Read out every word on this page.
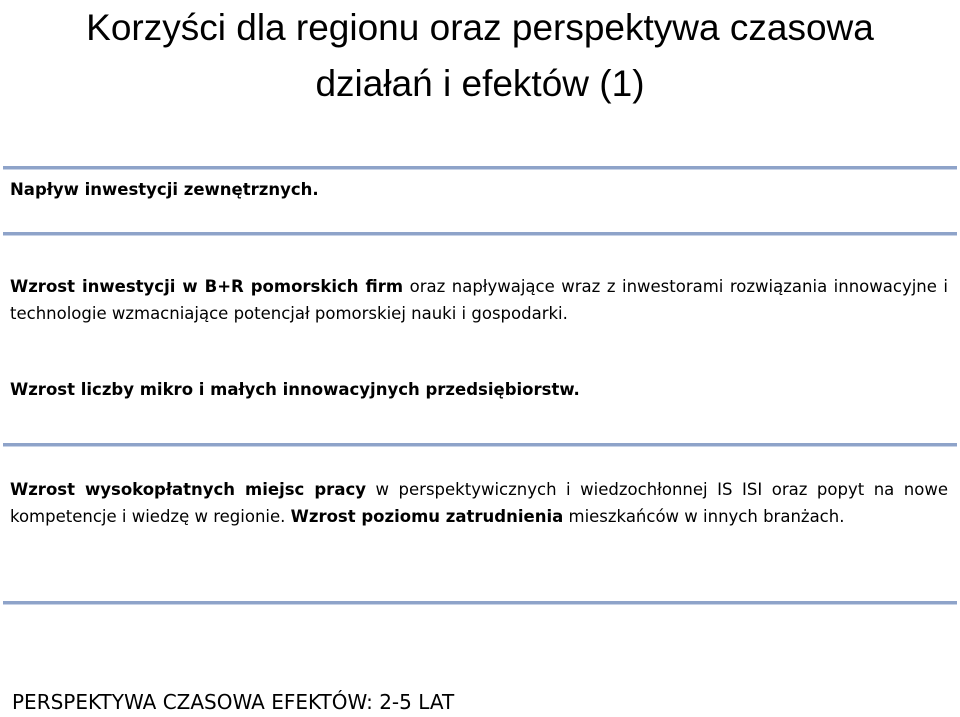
Korzyści dla regionu oraz perspektywa czasowa
działań i efektów (1)

Napływ inwestycji zewnętrznych.

Wzrost inwestycji w B+R pomorskich firm oraz napływające wraz z inwestorami rozwiązania innowacyjne i technologie wzmacniające potencjał pomorskiej nauki i gospodarki.

Wzrost liczby mikro i małych innowacyjnych przedsiębiorstw.

Wzrost wysokopłatnych miejsc pracy w perspektywicznych i wiedzochłonnej IS ISI oraz popyt na nowe kompetencje i wiedzę w regionie. Wzrost poziomu zatrudnienia mieszkańców w innych branżach.

PERSPEKTYWA CZASOWA EFEKTÓW: 2-5 LAT
